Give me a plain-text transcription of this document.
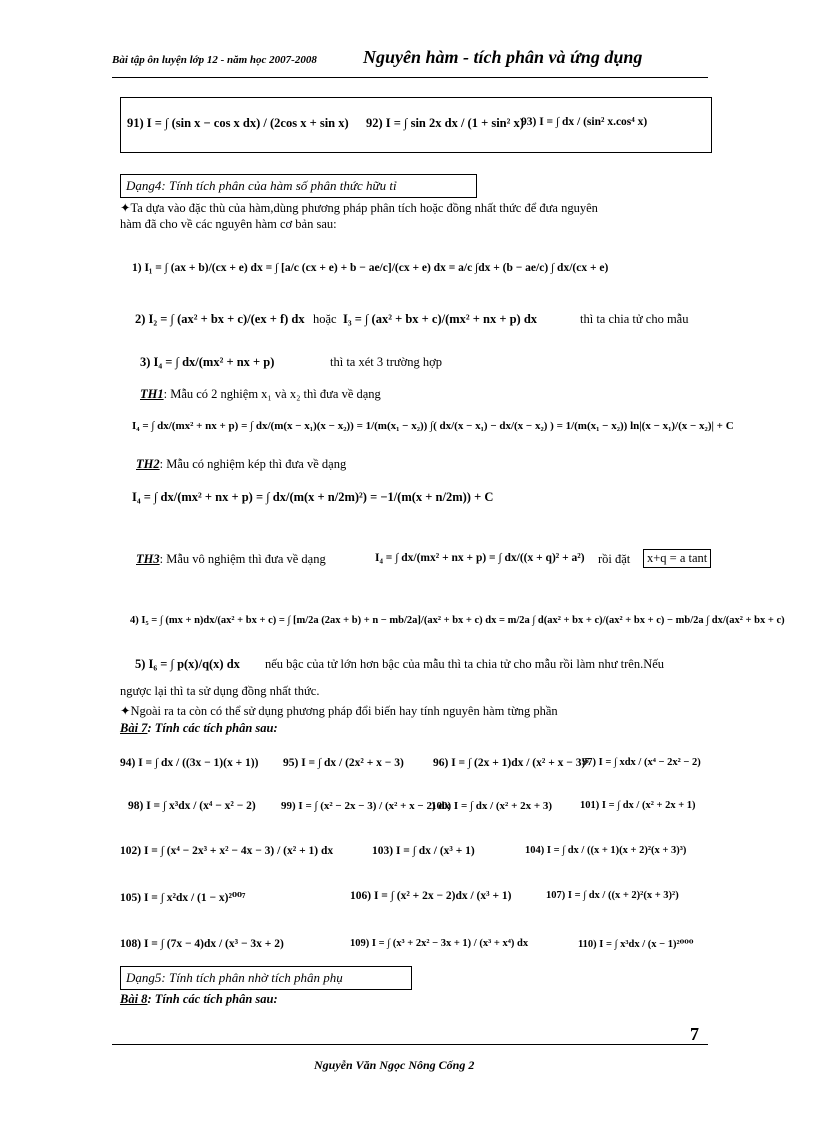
Bài tập ôn luyện lớp 12 - năm học 2007-2008	Nguyên hàm - tích phân và ứng dụng
91) I = ∫ (sin x − cos x dx) / (2cos x + sin x) 92) I = ∫ sin 2x dx / (1 + sin² x)
93) I = ∫ dx / (sin² x.cos⁴ x)
Dạng4: Tính tích phân của hàm số phân thức hữu tỉ
✦Ta dựa vào đặc thù của hàm,dùng phương pháp phân tích hoặc đồng nhất thức để đưa nguyên
hàm đã cho về các nguyên hàm cơ bản sau:
1) I₁ = ∫ (ax + b)/(cx + e) dx = ∫ [a/c (cx + e) + b − ae/c]/(cx + e) dx = a/c ∫dx + (b − ae/c) ∫ dx/(cx + e)
2) I₂ = ∫ (ax² + bx + c)/(ex + f) dx hoặc I₃ = ∫ (ax² + bx + c)/(mx² + nx + p) dx	thì ta chia tử cho mẫu
3) I₄ = ∫ dx/(mx² + nx + p)	thì ta xét 3 trường hợp
TH1: Mẫu có 2 nghiệm x₁ và x₂ thì đưa về dạng
I₄ = ∫ dx/(mx² + nx + p) = ∫ dx/(m(x − x₁)(x − x₂)) = 1/(m(x₁ − x₂)) ∫( dx/(x − x₁) − dx/(x − x₂) ) = 1/(m(x₁ − x₂)) ln|(x − x₁)/(x − x₂)| + C
TH2: Mẫu có nghiệm kép thì đưa về dạng
I₄ = ∫ dx/(mx² + nx + p) = ∫ dx/(m(x + n/2m)²) = −1/(m(x + n/2m)) + C
TH3: Mẫu vô nghiệm thì đưa về dạng	I₄ = ∫ dx/(mx² + nx + p) = ∫ dx/((x + q)² + a²) rồi đặt	x+q = a tant
4) I₅ = ∫ (mx + n)dx/(ax² + bx + c) = ∫ [m/2a (2ax + b) + n − mb/2a]/(ax² + bx + c) dx = m/2a ∫ d(ax² + bx + c)/(ax² + bx + c) − mb/2a ∫ dx/(ax² + bx + c)
5) I₆ = ∫ p(x)/q(x) dx nếu bậc của tử lớn hơn bậc của mẫu thì ta chia tử cho mẫu rồi làm như trên.Nếu
ngược lại thì ta sử dụng đồng nhất thức.
✦Ngoài ra ta còn có thể sử dụng phương pháp đổi biến hay tính nguyên hàm từng phần
Bài 7: Tính các tích phân sau:
94) I = ∫ dx / ((3x − 1)(x + 1)) 95) I = ∫ dx / (2x² + x − 3)	96) I = ∫ (2x + 1)dx / (x² + x − 3)⁵
97) I = ∫ xdx / (x⁴ − 2x² − 2)
98) I = ∫ x³dx / (x⁴ − x² − 2) 99) I = ∫ (x² − 2x − 3) / (x² + x − 2) dx
100) I = ∫ dx / (x² + 2x + 3)	101) I = ∫ dx / (x² + 2x + 1)
102) I = ∫ (x⁴ − 2x³ + x² − 4x − 3) / (x² + 1) dx	103) I = ∫ dx / (x³ + 1)	104) I = ∫ dx / ((x + 1)(x + 2)²(x + 3)³)
105) I = ∫ x²dx / (1 − x)²⁰⁰⁷	106) I = ∫ (x² + 2x − 2)dx / (x³ + 1)	107) I = ∫ dx / ((x + 2)²(x + 3)²)
108) I = ∫ (7x − 4)dx / (x³ − 3x + 2)	109) I = ∫ (x³ + 2x² − 3x + 1) / (x³ + x⁴) dx	110) I = ∫ x³dx / (x − 1)²⁰⁰⁰
Dạng5: Tính tích phân nhờ tích phân phụ
Bài 8: Tính các tích phân sau:
7
Nguyễn Văn Ngọc Nông Cống 2
